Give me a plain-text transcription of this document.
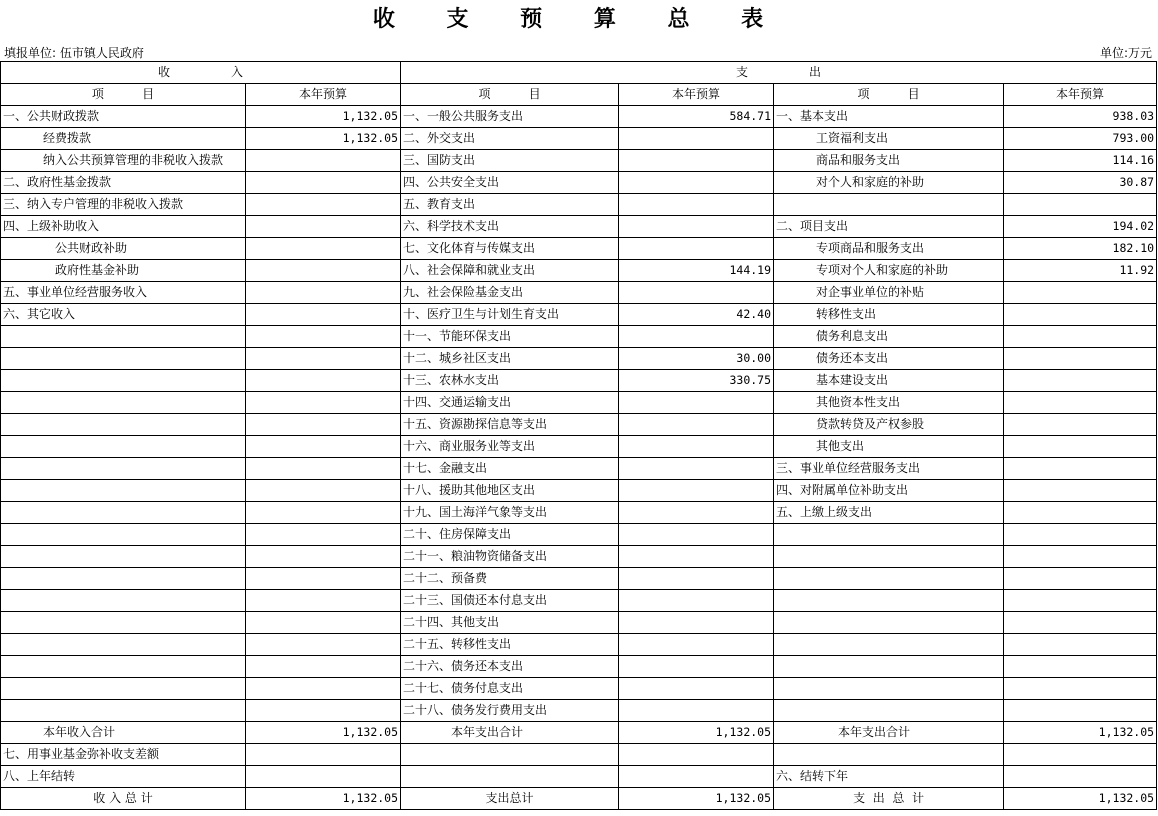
收 支 预 算 总 表
填报单位: 伍市镇人民政府	单位:万元
收                入		支                出			
项          目	本年预算	项          目	本年预算	项          目	本年预算
一、公共财政拨款	1,132.05	一、一般公共服务支出	584.71	一、基本支出	938.03
经费拨款	1,132.05	二、外交支出		工资福利支出	793.00
纳入公共预算管理的非税收入拨款		三、国防支出		商品和服务支出	114.16
二、政府性基金拨款		四、公共安全支出		对个人和家庭的补助	30.87
三、纳入专户管理的非税收入拨款		五、教育支出			
四、上级补助收入		六、科学技术支出		二、项目支出	194.02
公共财政补助		七、文化体育与传媒支出		专项商品和服务支出	182.10
政府性基金补助		八、社会保障和就业支出	144.19	专项对个人和家庭的补助	11.92
五、事业单位经营服务收入		九、社会保险基金支出		对企事业单位的补贴	
六、其它收入		十、医疗卫生与计划生育支出	42.40	转移性支出	
		十一、节能环保支出		债务利息支出	
		十二、城乡社区支出	30.00	债务还本支出	
		十三、农林水支出	330.75	基本建设支出	
		十四、交通运输支出		其他资本性支出	
		十五、资源勘探信息等支出		贷款转贷及产权参股	
		十六、商业服务业等支出		其他支出	
		十七、金融支出		三、事业单位经营服务支出	
		十八、援助其他地区支出		四、对附属单位补助支出	
		十九、国土海洋气象等支出		五、上缴上级支出	
		二十、住房保障支出			
		二十一、粮油物资储备支出			
		二十二、预备费			
		二十三、国债还本付息支出			
		二十四、其他支出			
		二十五、转移性支出			
		二十六、债务还本支出			
		二十七、债务付息支出			
		二十八、债务发行费用支出			
本年收入合计	1,132.05	本年支出合计	1,132.05	本年支出合计	1,132.05
七、用事业基金弥补收支差额					
八、上年结转				六、结转下年	
收 入 总 计	1,132.05	支出总计	1,132.05	支  出  总  计	1,132.05
